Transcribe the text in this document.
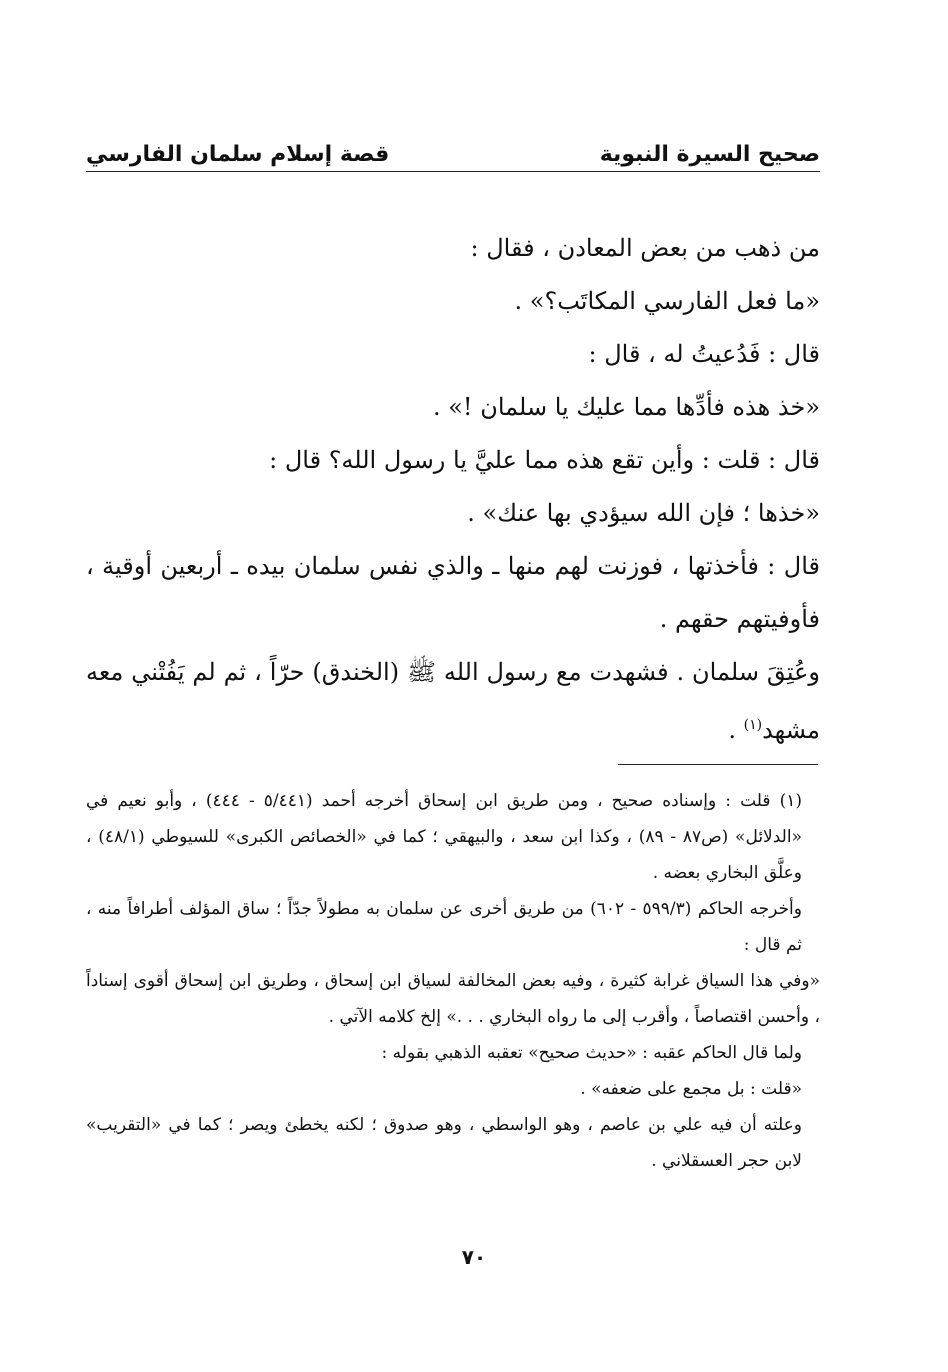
صحيح السيرة النبوية
قصة إسلام سلمان الفارسي

من ذهب من بعض المعادن ، فقال :

«ما فعل الفارسي المكاتَب؟» .

قال : فَدُعيتُ له ، قال :

«خذ هذه فأدِّها مما عليك يا سلمان !» .

قال : قلت : وأين تقع هذه مما عليَّ يا رسول الله؟ قال :

«خذها ؛ فإن الله سيؤدي بها عنك» .

قال : فأخذتها ، فوزنت لهم منها ـ والذي نفس سلمان بيده ـ أربعين أوقية ، فأوفيتهم حقهم .

وعُتِقَ سلمان . فشهدت مع رسول الله ﷺ (الخندق) حرّاً ، ثم لم يَفُتْني معه مشهد$^{(١)}$ .

(١) قلت : وإسناده صحيح ، ومن طريق ابن إسحاق أخرجه أحمد (٥/٤٤١ - ٤٤٤) ، وأبو نعيم في «الدلائل» (ص٨٧ - ٨٩) ، وكذا ابن سعد ، والبيهقي ؛ كما في «الخصائص الكبرى» للسيوطي (٤٨/١) ، وعلَّق البخاري بعضه .

وأخرجه الحاكم (٥٩٩/٣ - ٦٠٢) من طريق أخرى عن سلمان به مطولاً جدّاً ؛ ساق المؤلف أطرافاً منه ، ثم قال :

«وفي هذا السياق غرابة كثيرة ، وفيه بعض المخالفة لسياق ابن إسحاق ، وطريق ابن إسحاق أقوى إسناداً ، وأحسن اقتصاصاً ، وأقرب إلى ما رواه البخاري . . .» إلخ كلامه الآتي .

ولما قال الحاكم عقبه : «حديث صحيح» تعقبه الذهبي بقوله :

«قلت : بل مجمع على ضعفه» .

وعلته أن فيه علي بن عاصم ، وهو الواسطي ، وهو صدوق ؛ لكنه يخطئ ويصر ؛ كما في «التقريب» لابن حجر العسقلاني .

٧٠
